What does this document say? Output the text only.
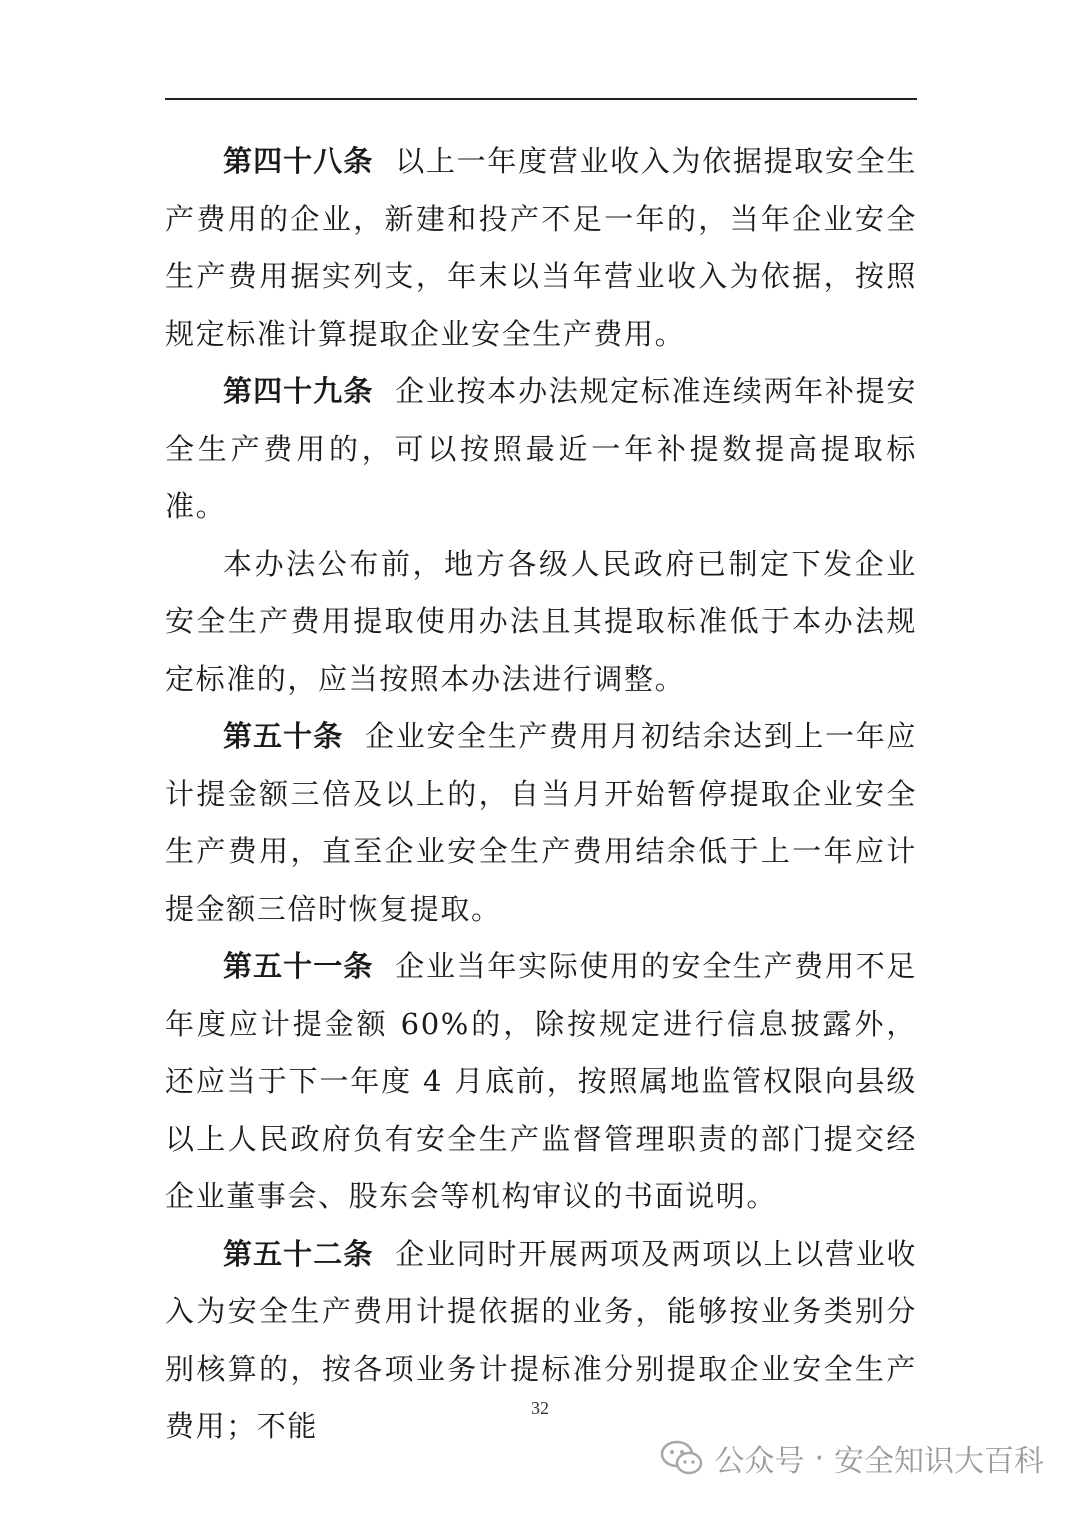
第四十八条 以上一年度营业收入为依据提取安全生产费用的企业，新建和投产不足一年的，当年企业安全生产费用据实列支，年末以当年营业收入为依据，按照规定标准计算提取企业安全生产费用。

第四十九条 企业按本办法规定标准连续两年补提安全生产费用的，可以按照最近一年补提数提高提取标准。

本办法公布前，地方各级人民政府已制定下发企业安全生产费用提取使用办法且其提取标准低于本办法规定标准的，应当按照本办法进行调整。

第五十条 企业安全生产费用月初结余达到上一年应计提金额三倍及以上的，自当月开始暂停提取企业安全生产费用，直至企业安全生产费用结余低于上一年应计提金额三倍时恢复提取。

第五十一条 企业当年实际使用的安全生产费用不足年度应计提金额 60%的，除按规定进行信息披露外，还应当于下一年度 4 月底前，按照属地监管权限向县级以上人民政府负有安全生产监督管理职责的部门提交经企业董事会、股东会等机构审议的书面说明。

第五十二条 企业同时开展两项及两项以上以营业收入为安全生产费用计提依据的业务，能够按业务类别分别核算的，按各项业务计提标准分别提取企业安全生产费用；不能

32
公众号 · 安全知识大百科
